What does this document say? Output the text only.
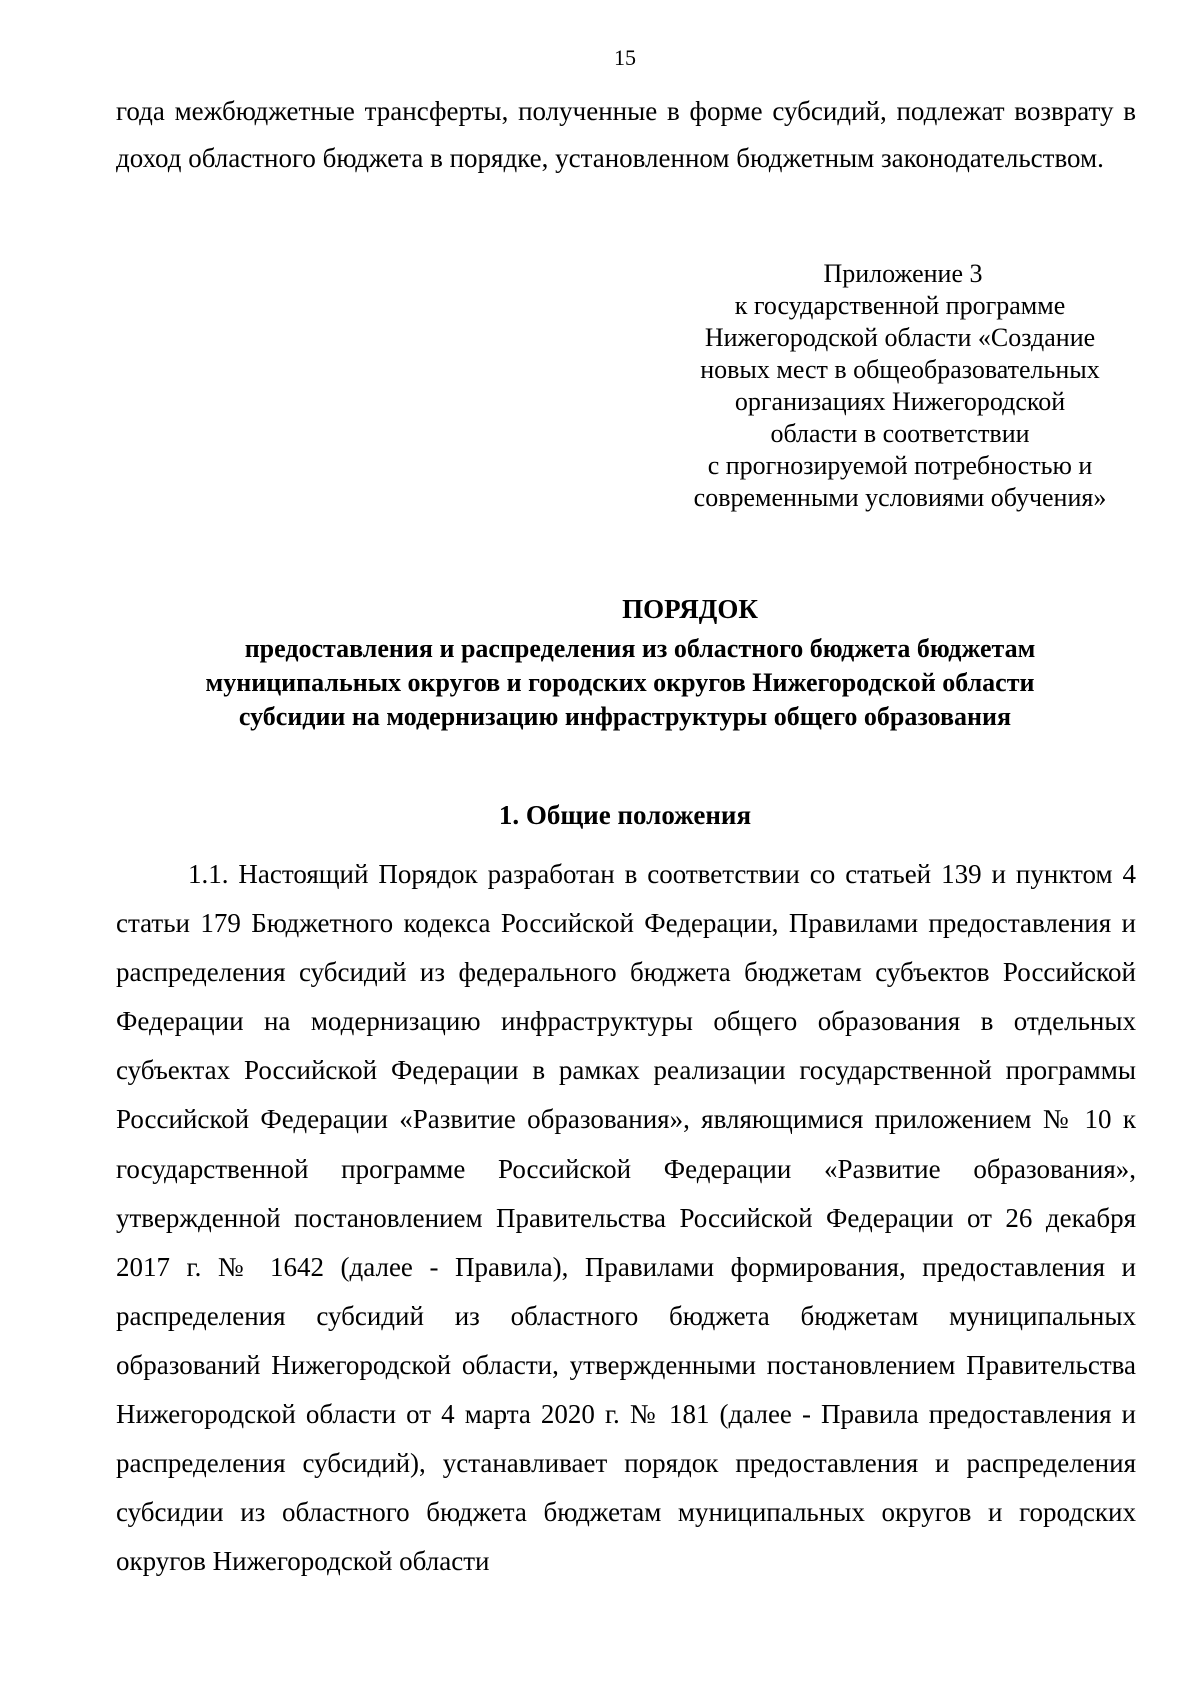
15

года межбюджетные трансферты, полученные в форме субсидий, подлежат возврату в доход областного бюджета в порядке, установленном бюджетным законодательством.

Приложение 3
к государственной программе
Нижегородской области «Создание
новых мест в общеобразовательных
организациях Нижегородской
области в соответствии
с прогнозируемой потребностью и
современными условиями обучения»
ПОРЯДОК
предоставления и распределения из областного бюджета бюджетам
муниципальных округов и городских округов Нижегородской области
субсидии на модернизацию инфраструктуры общего образования
1. Общие положения

1.1. Настоящий Порядок разработан в соответствии со статьей 139 и пунктом 4 статьи 179 Бюджетного кодекса Российской Федерации, Правилами предоставления и распределения субсидий из федерального бюджета бюджетам субъектов Российской Федерации на модернизацию инфраструктуры общего образования в отдельных субъектах Российской Федерации в рамках реализации государственной программы Российской Федерации «Развитие образования», являющимися приложением № 10 к государственной программе Российской Федерации «Развитие образования», утвержденной постановлением Правительства Российской Федерации от 26 декабря 2017 г. № 1642 (далее - Правила), Правилами формирования, предоставления и распределения субсидий из областного бюджета бюджетам муниципальных образований Нижегородской области, утвержденными постановлением Правительства Нижегородской области от 4 марта 2020 г. № 181 (далее - Правила предоставления и распределения субсидий), устанавливает порядок предоставления и распределения субсидии из областного бюджета бюджетам муниципальных округов и городских округов Нижегородской области
